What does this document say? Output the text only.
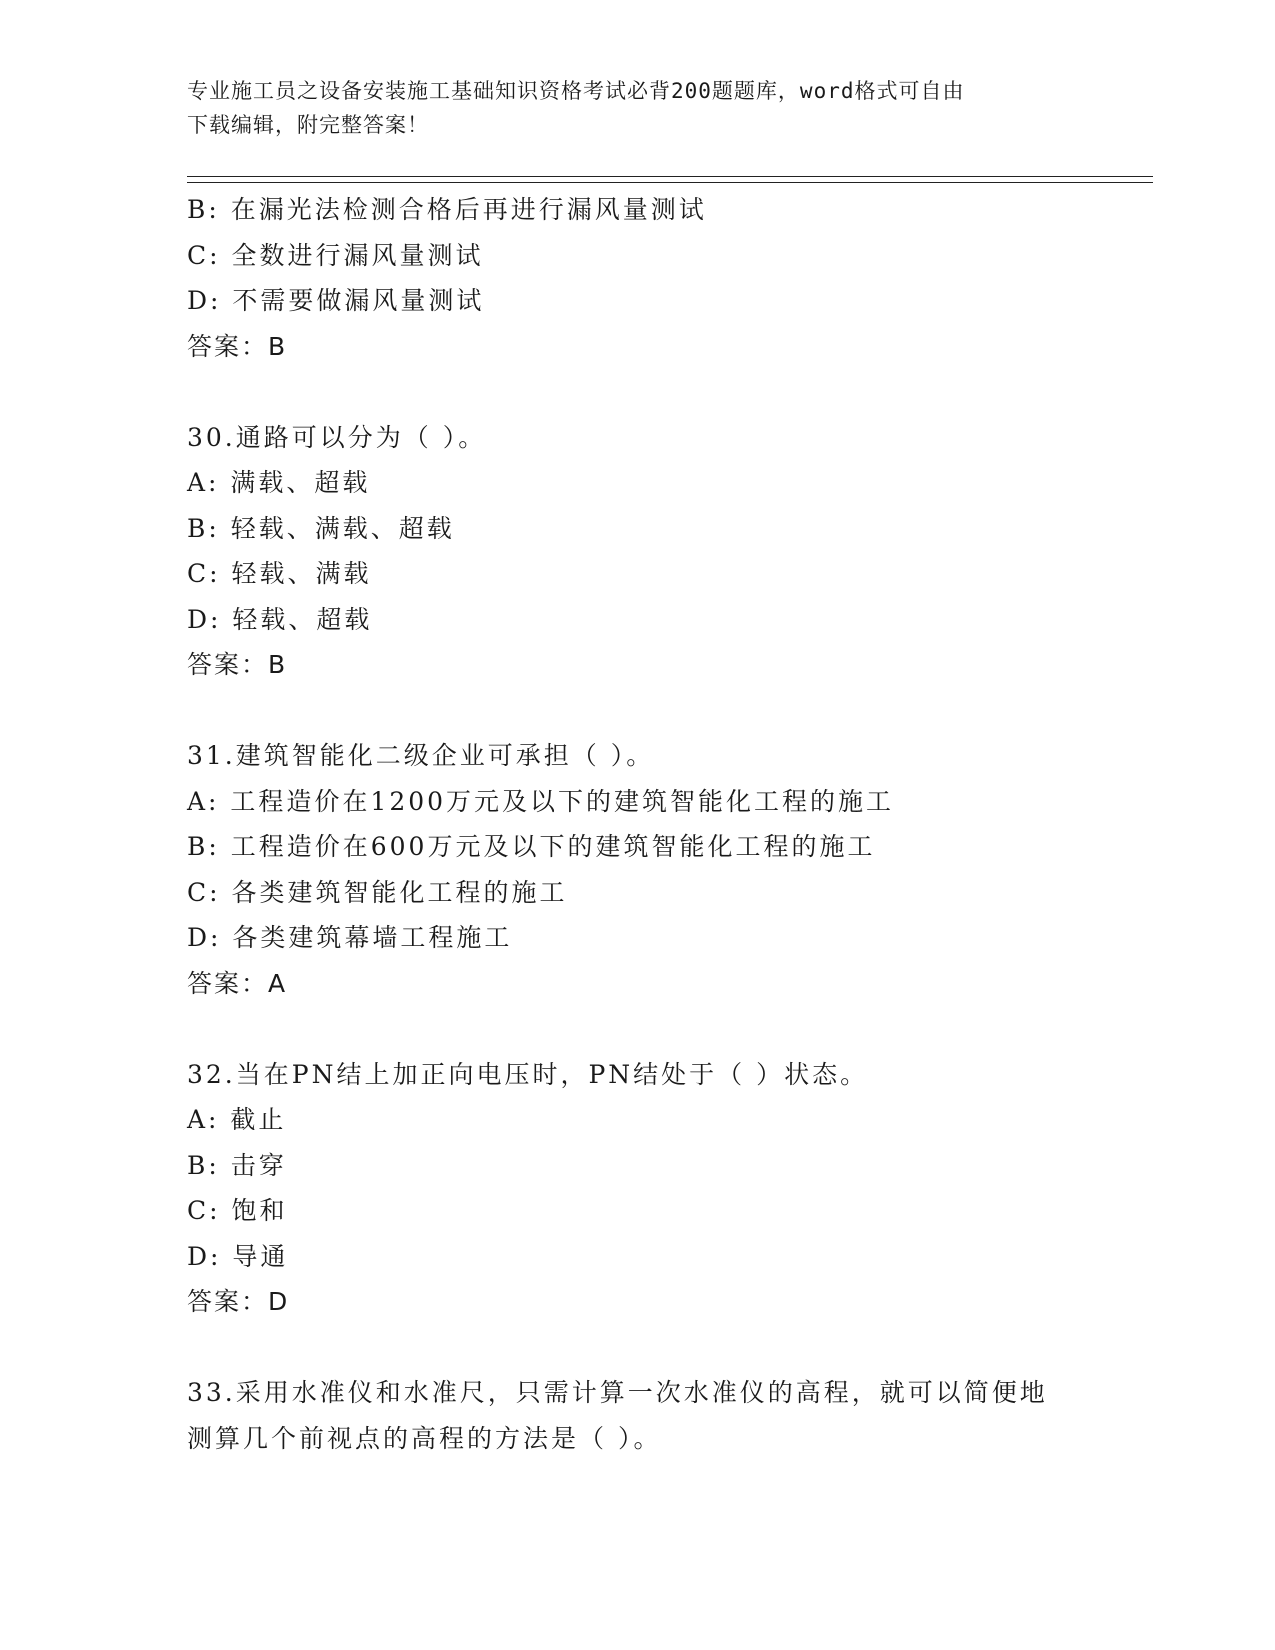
专业施工员之设备安装施工基础知识资格考试必背200题题库，word格式可自由
下载编辑，附完整答案！
B: 在漏光法检测合格后再进行漏风量测试
C: 全数进行漏风量测试
D: 不需要做漏风量测试
答案：B
30.通路可以分为（ ）。
A: 满载、超载
B: 轻载、满载、超载
C: 轻载、满载
D: 轻载、超载
答案：B
31.建筑智能化二级企业可承担（ ）。
A: 工程造价在1200万元及以下的建筑智能化工程的施工
B: 工程造价在600万元及以下的建筑智能化工程的施工
C: 各类建筑智能化工程的施工
D: 各类建筑幕墙工程施工
答案：A
32.当在PN结上加正向电压时，PN结处于（ ）状态。
A: 截止
B: 击穿
C: 饱和
D: 导通
答案：D
33.采用水准仪和水准尺，只需计算一次水准仪的高程，就可以简便地
测算几个前视点的高程的方法是（ ）。
